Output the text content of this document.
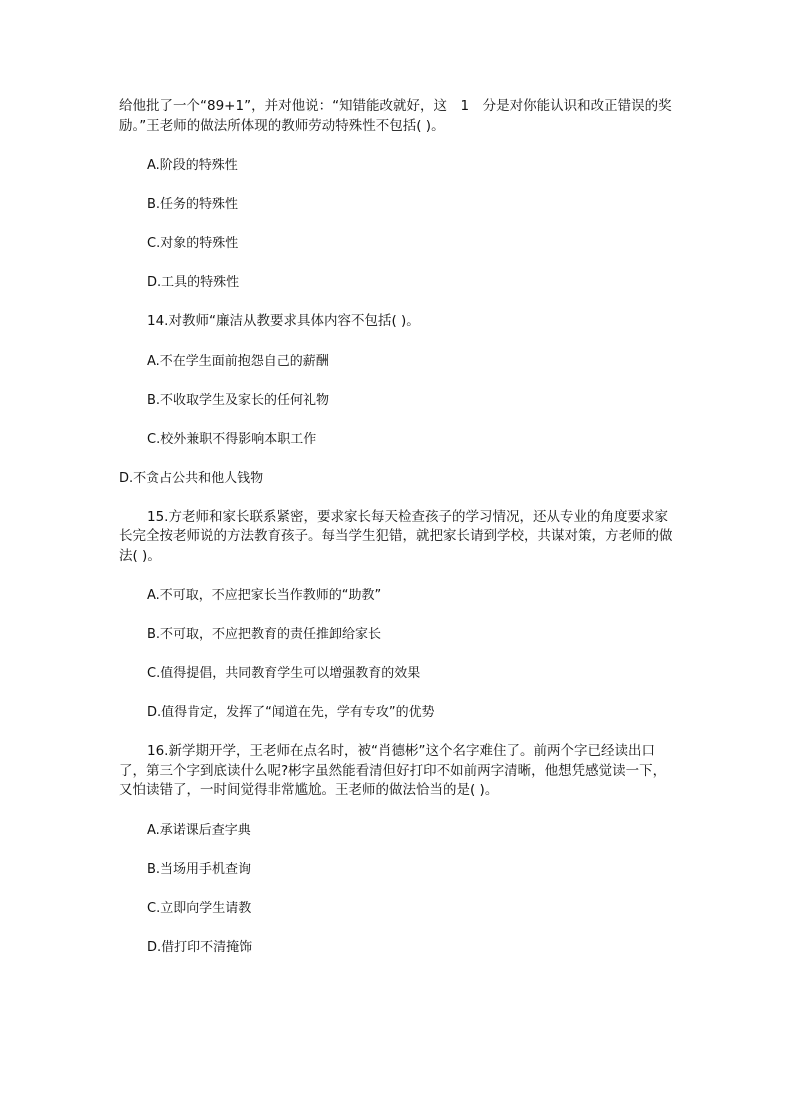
给他批了一个“89+1”，并对他说：“知错能改就好，这　1　分是对你能认识和改正错误的奖励。”王老师的做法所体现的教师劳动特殊性不包括( )。

A.阶段的特殊性

B.任务的特殊性

C.对象的特殊性

D.工具的特殊性

14.对教师“廉洁从教要求具体内容不包括( )。

A.不在学生面前抱怨自己的薪酬

B.不收取学生及家长的任何礼物

C.校外兼职不得影响本职工作

D.不贪占公共和他人钱物

15.方老师和家长联系紧密，要求家长每天检查孩子的学习情况，还从专业的角度要求家长完全按老师说的方法教育孩子。每当学生犯错，就把家长请到学校，共谋对策，方老师的做法( )。

A.不可取，不应把家长当作教师的“助教”

B.不可取，不应把教育的责任推卸给家长

C.值得提倡，共同教育学生可以增强教育的效果

D.值得肯定，发挥了“闻道在先，学有专攻”的优势

16.新学期开学，王老师在点名时，被“肖德彬”这个名字难住了。前两个字已经读出口了，第三个字到底读什么呢?彬字虽然能看清但好打印不如前两字清晰，他想凭感觉读一下，又怕读错了，一时间觉得非常尴尬。王老师的做法恰当的是( )。

A.承诺课后查字典

B.当场用手机查询

C.立即向学生请教

D.借打印不清掩饰
